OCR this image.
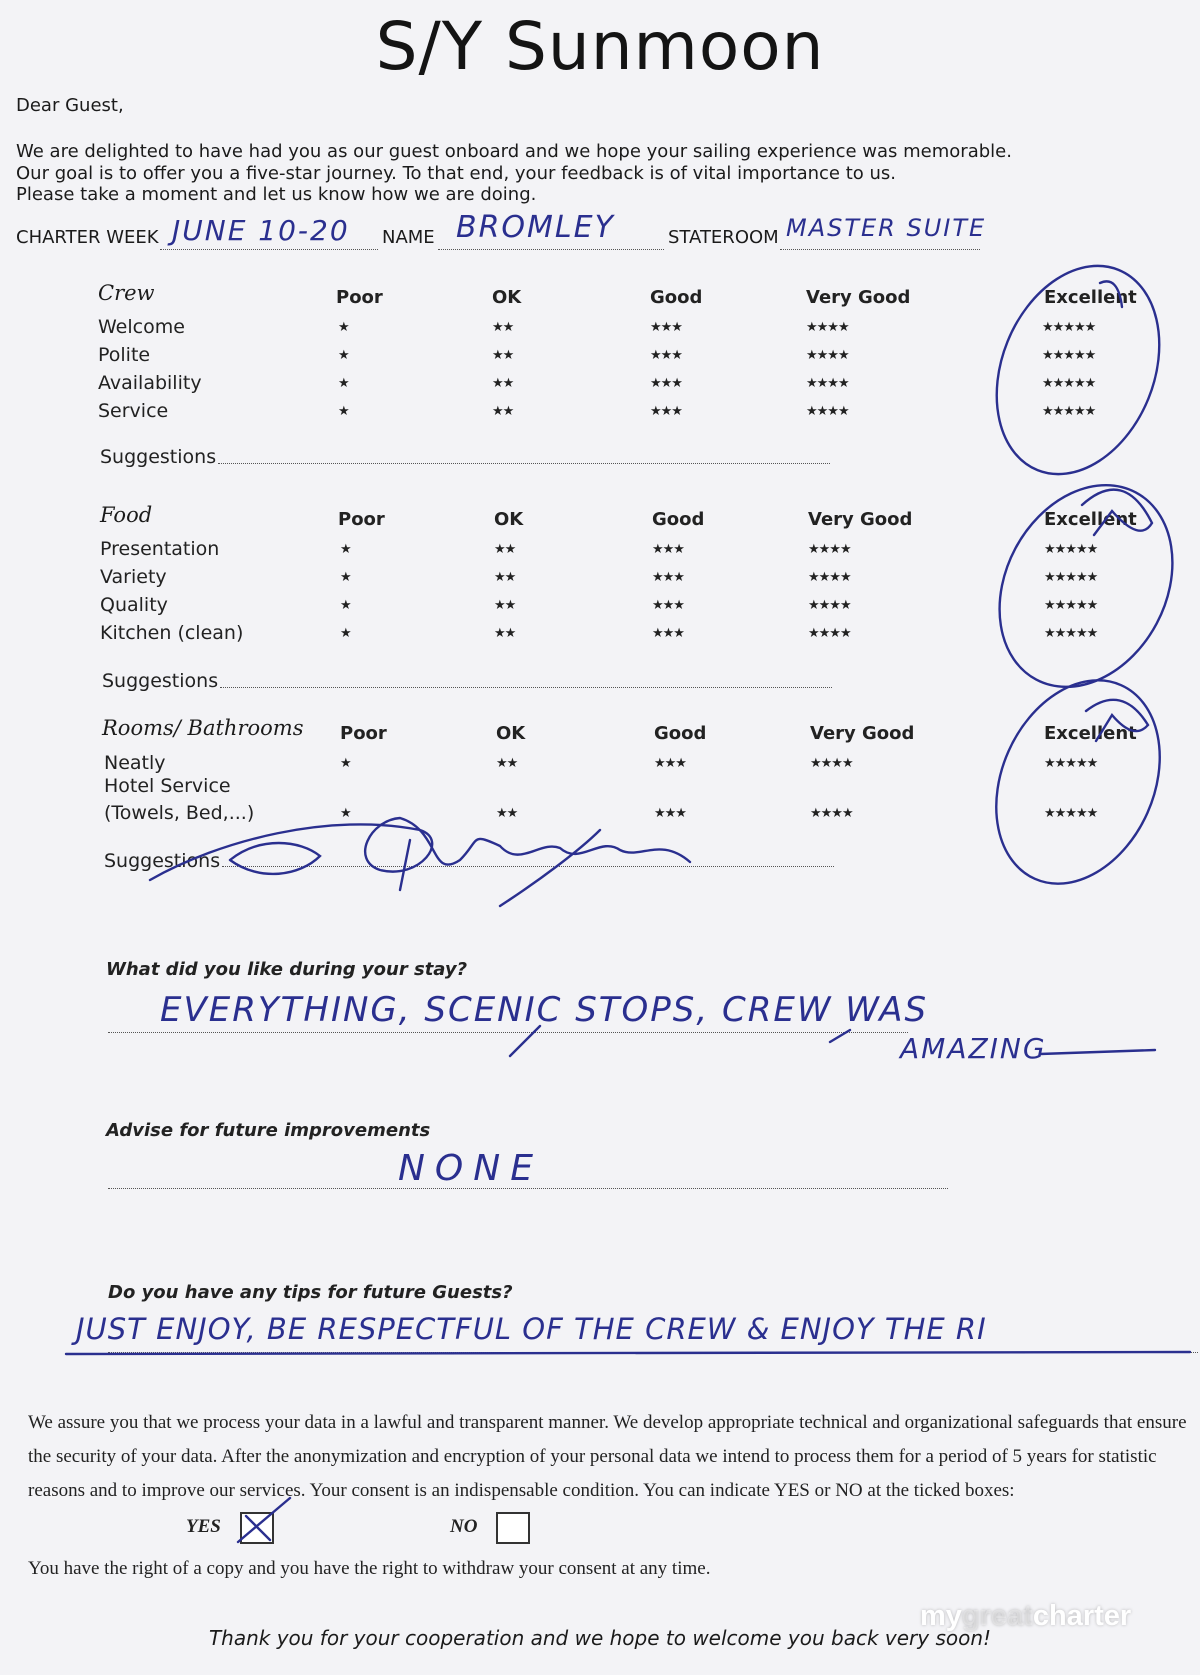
S/Y Sunmoon
Dear Guest,
We are delighted to have had you as our guest onboard and we hope your sailing experience was memorable.
Our goal is to offer you a five-star journey. To that end, your feedback is of vital importance to us.
Please take a moment and let us know how we are doing.
CHARTER WEEK JUNE 10-20 NAME BROMLEY	STATEROOM MASTER SUITE
Crew	Poor	OK	Good	Very Good	Excellent
Welcome	★	★★	★★★	★★★★	★★★★★
Polite	★	★★	★★★	★★★★	★★★★★
Availability	★	★★	★★★	★★★★	★★★★★
Service	★	★★	★★★	★★★★	★★★★★
Suggestions
Food	Poor	OK	Good	Very Good	Excellent
Presentation	★	★★	★★★	★★★★	★★★★★
Variety	★	★★	★★★	★★★★	★★★★★
Quality	★	★★	★★★	★★★★	★★★★★
Kitchen (clean)	★	★★	★★★	★★★★	★★★★★
Suggestions
Rooms/ Bathrooms Poor	OK	Good	Very Good	Excellent
Neatly	★	★★	★★★	★★★★	★★★★★
Hotel Service
(Towels, Bed,...)	★	★★	★★★	★★★★	★★★★★
Suggestions
What did you like during your stay?
EVERYTHING, SCENIC STOPS, CREW WAS
AMAZING
Advise for future improvements
NONE
Do you have any tips for future Guests?
JUST ENJOY, BE RESPECTFUL OF THE CREW & ENJOY THE RI
We assure you that we process your data in a lawful and transparent manner. We develop appropriate technical and organizational safeguards that ensure the security of your data. After the anonymization and encryption of your personal data we intend to process them for a period of 5 years for statistic reasons and to improve our services. Your consent is an indispensable condition. You can indicate YES or NO at the ticked boxes:
YES	NO
You have the right of a copy and you have the right to withdraw your consent at any time.
Thank you for your cooperation and we hope to welcome you back very soon!
mygreatcharter
